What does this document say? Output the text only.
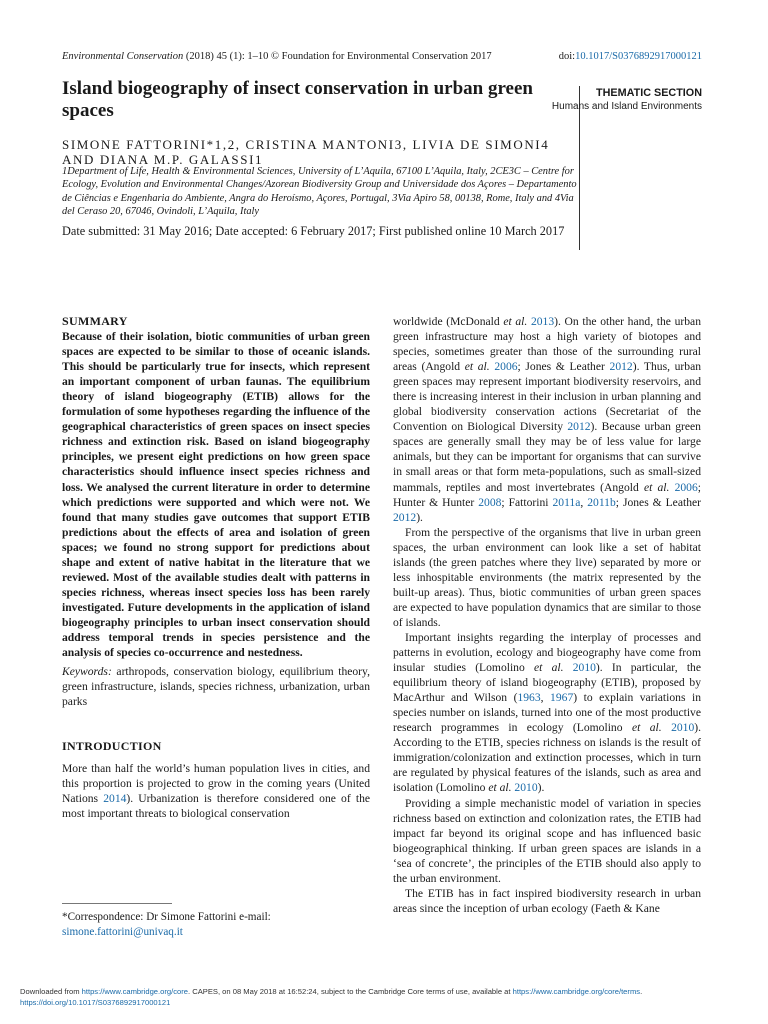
Environmental Conservation (2018) 45 (1): 1–10 © Foundation for Environmental Conservation 2017	doi:10.1017/S0376892917000121
Island biogeography of insect conservation in urban green spaces
SIMONE FATTORINI*1,2, CRISTINA MANTONI3, LIVIA DE SIMONI4 AND DIANA M.P. GALASSI1
1Department of Life, Health & Environmental Sciences, University of L’Aquila, 67100 L’Aquila, Italy, 2CE3C – Centre for Ecology, Evolution and Environmental Changes/Azorean Biodiversity Group and Universidade dos Açores – Departamento de Ciências e Engenharia do Ambiente, Angra do Heroísmo, Açores, Portugal, 3Via Apiro 58, 00138, Rome, Italy and 4Via del Ceraso 20, 67046, Ovindoli, L’Aquila, Italy
Date submitted: 31 May 2016; Date accepted: 6 February 2017; First published online 10 March 2017
THEMATIC SECTION
Humans and Island Environments

SUMMARY

Because of their isolation, biotic communities of urban green spaces are expected to be similar to those of oceanic islands. This should be particularly true for insects, which represent an important component of urban faunas. The equilibrium theory of island biogeography (ETIB) allows for the formulation of some hypotheses regarding the influence of the geographical characteristics of green spaces on insect species richness and extinction risk. Based on island biogeography principles, we present eight predictions on how green space characteristics should influence insect species richness and loss. We analysed the current literature in order to determine which predictions were supported and which were not. We found that many studies gave outcomes that support ETIB predictions about the effects of area and isolation of green spaces; we found no strong support for predictions about shape and extent of native habitat in the literature that we reviewed. Most of the available studies dealt with patterns in species richness, whereas insect species loss has been rarely investigated. Future developments in the application of island biogeography principles to urban insect conservation should address temporal trends in species persistence and the analysis of species co-occurrence and nestedness.

Keywords: arthropods, conservation biology, equilibrium theory, green infrastructure, islands, species richness, urbanization, urban parks

INTRODUCTION

More than half the world’s human population lives in cities, and this proportion is projected to grow in the coming years (United Nations 2014). Urbanization is therefore considered one of the most important threats to biological conservation

*Correspondence: Dr Simone Fattorini e-mail: simone.fattorini@univaq.it

worldwide (McDonald et al. 2013). On the other hand, the urban green infrastructure may host a high variety of biotopes and species, sometimes greater than those of the surrounding rural areas (Angold et al. 2006; Jones & Leather 2012). Thus, urban green spaces may represent important biodiversity reservoirs, and there is increasing interest in their inclusion in urban planning and global biodiversity conservation actions (Secretariat of the Convention on Biological Diversity 2012). Because urban green spaces are generally small they may be of less value for large animals, but they can be important for organisms that can survive in small areas or that form meta-populations, such as small-sized mammals, reptiles and most invertebrates (Angold et al. 2006; Hunter & Hunter 2008; Fattorini 2011a, 2011b; Jones & Leather 2012).

From the perspective of the organisms that live in urban green spaces, the urban environment can look like a set of habitat islands (the green patches where they live) separated by more or less inhospitable environments (the matrix represented by the built-up areas). Thus, biotic communities of urban green spaces are expected to have population dynamics that are similar to those of islands.

Important insights regarding the interplay of processes and patterns in evolution, ecology and biogeography have come from insular studies (Lomolino et al. 2010). In particular, the equilibrium theory of island biogeography (ETIB), proposed by MacArthur and Wilson (1963, 1967) to explain variations in species number on islands, turned into one of the most productive research programmes in ecology (Lomolino et al. 2010). According to the ETIB, species richness on islands is the result of immigration/colonization and extinction processes, which in turn are regulated by physical features of the islands, such as area and isolation (Lomolino et al. 2010).

Providing a simple mechanistic model of variation in species richness based on extinction and colonization rates, the ETIB had impact far beyond its original scope and has influenced basic biogeographical thinking. If urban green spaces are islands in a ‘sea of concrete’, the principles of the ETIB should also apply to the urban environment.

The ETIB has in fact inspired biodiversity research in urban areas since the inception of urban ecology (Faeth & Kane

Downloaded from https://www.cambridge.org/core. CAPES, on 08 May 2018 at 16:52:24, subject to the Cambridge Core terms of use, available at https://www.cambridge.org/core/terms.
https://doi.org/10.1017/S0376892917000121
